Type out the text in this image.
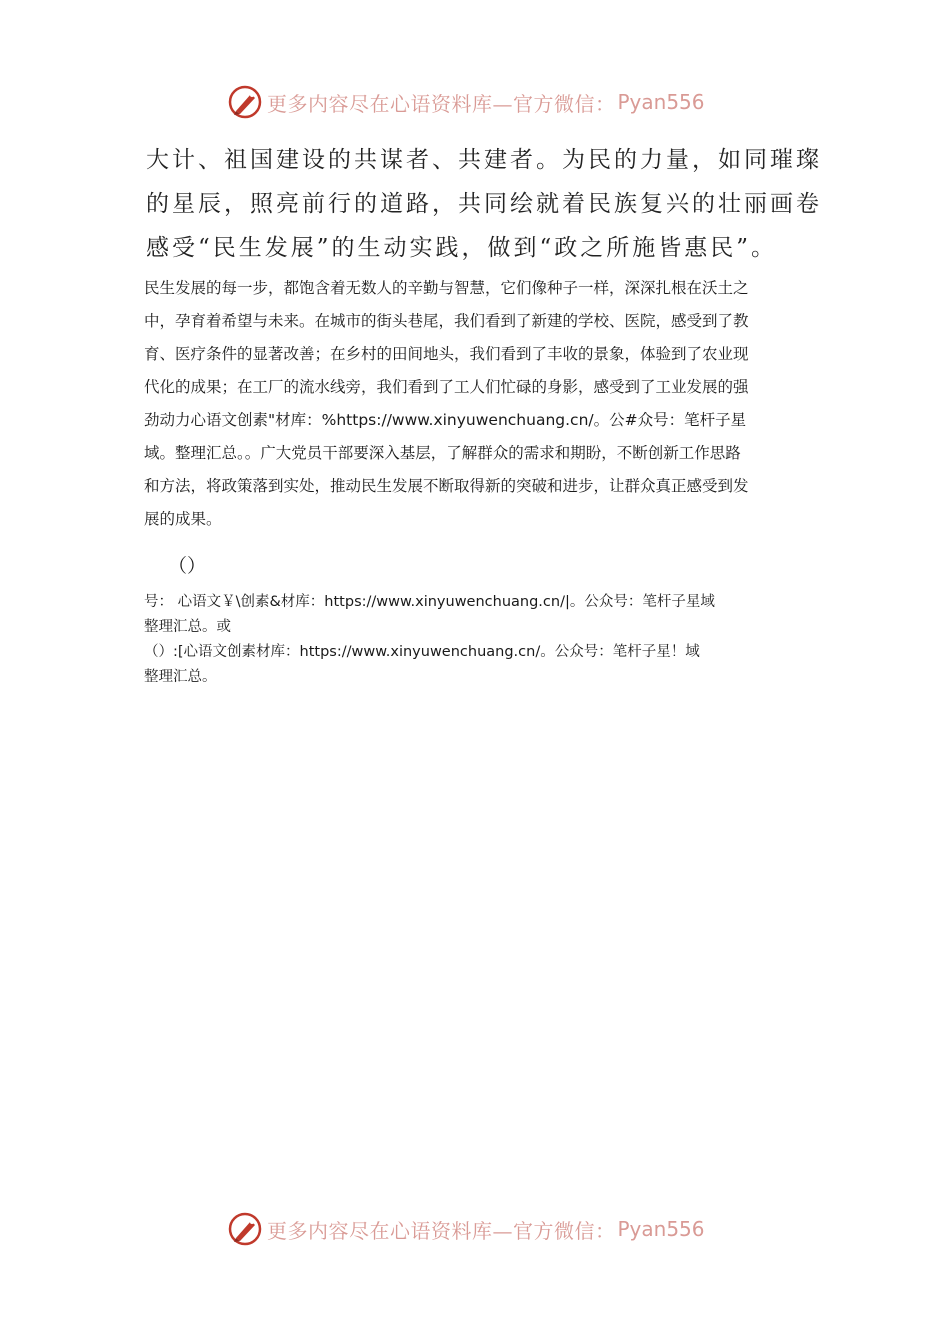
更多内容尽在心语资料库—官方微信： Pyan556
大计、祖国建设的共谋者、共建者。为民的力量，如同璀璨
的星辰，照亮前行的道路，共同绘就着民族复兴的壮丽画卷
感受“民生发展”的生动实践，做到“政之所施皆惠民”。
民生发展的每一步，都饱含着无数人的辛勤与智慧，它们像种子一样，深深扎根在沃土之
中，孕育着希望与未来。在城市的街头巷尾，我们看到了新建的学校、医院，感受到了教
育、医疗条件的显著改善；在乡村的田间地头，我们看到了丰收的景象，体验到了农业现
代化的成果；在工厂的流水线旁，我们看到了工人们忙碌的身影，感受到了工业发展的强
劲动力心语文创素"材库：%https://www.xinyuwenchuang.cn/。公#众号：笔杆子星
域。整理汇总。。广大党员干部要深入基层，了解群众的需求和期盼，不断创新工作思路
和方法，将政策落到实处，推动民生发展不断取得新的突破和进步，让群众真正感受到发
展的成果。
（）
号： 心语文￥\创素&材库：https://www.xinyuwenchuang.cn/|。公众号：笔杆子星域
整理汇总。或
（）:[心语文创素材库：https://www.xinyuwenchuang.cn/。公众号：笔杆子星！域
整理汇总。
更多内容尽在心语资料库—官方微信： Pyan556
